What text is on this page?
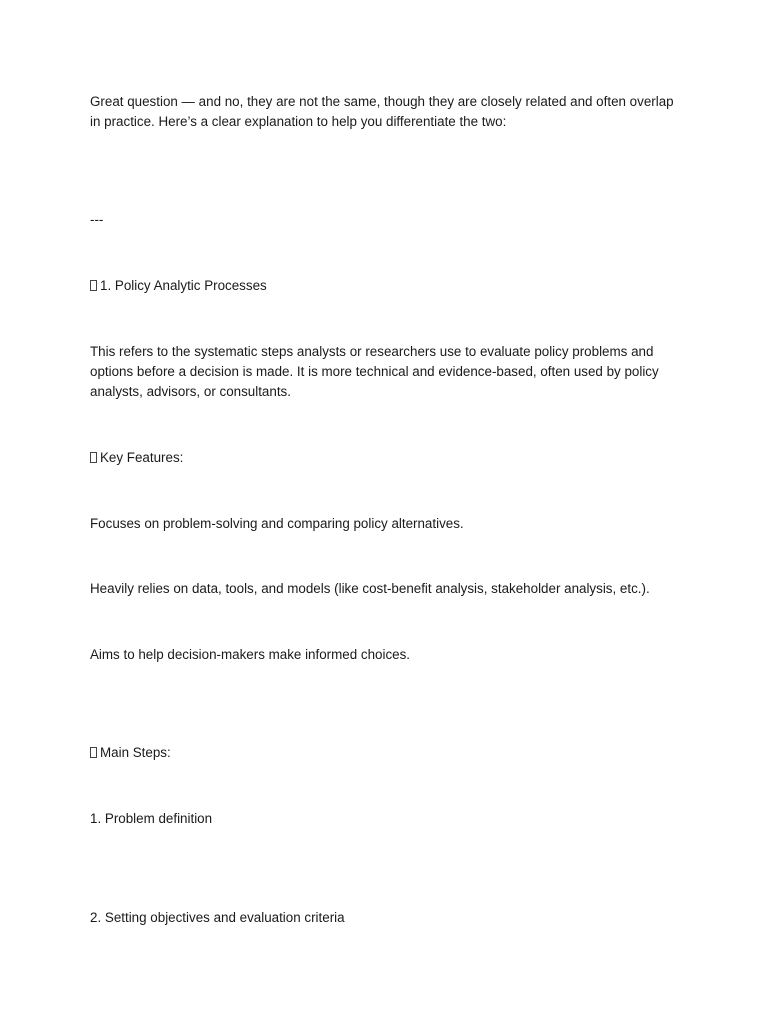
Great question — and no, they are not the same, though they are closely related and often overlap in practice. Here’s a clear explanation to help you differentiate the two:

---

1. Policy Analytic Processes

This refers to the systematic steps analysts or researchers use to evaluate policy problems and options before a decision is made. It is more technical and evidence-based, often used by policy analysts, advisors, or consultants.

Key Features:

Focuses on problem-solving and comparing policy alternatives.

Heavily relies on data, tools, and models (like cost-benefit analysis, stakeholder analysis, etc.).

Aims to help decision-makers make informed choices.

Main Steps:

1. Problem definition

2. Setting objectives and evaluation criteria
